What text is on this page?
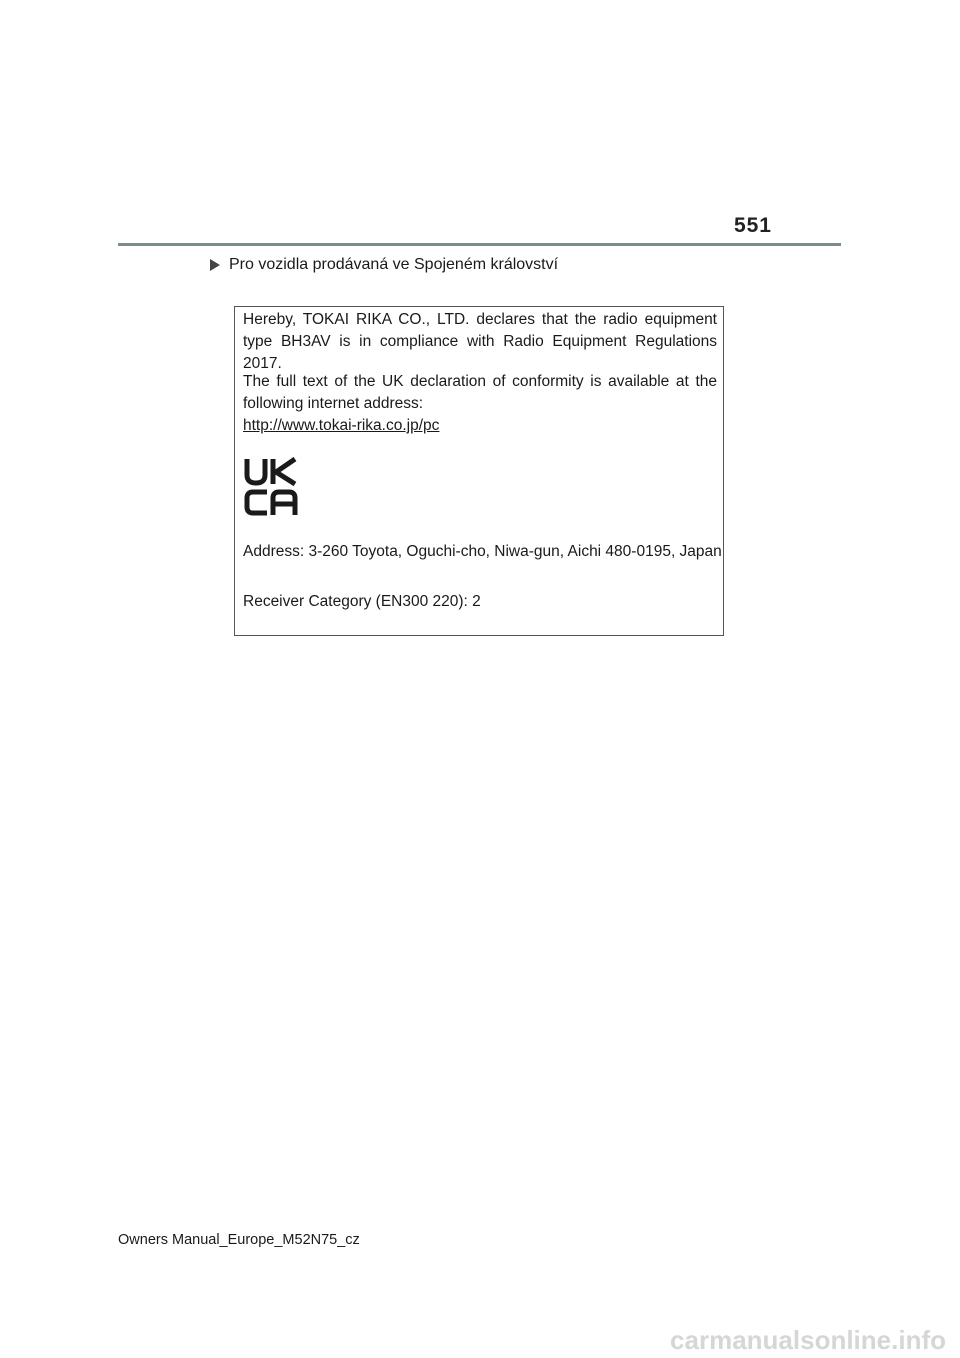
551
Pro vozidla prodávaná ve Spojeném království
Hereby, TOKAI RIKA CO., LTD. declares that the radio equipment type BH3AV is in compliance with Radio Equipment Regulations 2017.
The full text of the UK declaration of conformity is available at the following internet address:
http://www.tokai-rika.co.jp/pc
Address: 3-260 Toyota, Oguchi-cho, Niwa-gun, Aichi 480-0195, Japan
Receiver Category (EN300 220): 2
Owners Manual_Europe_M52N75_cz
carmanualsonline.info
